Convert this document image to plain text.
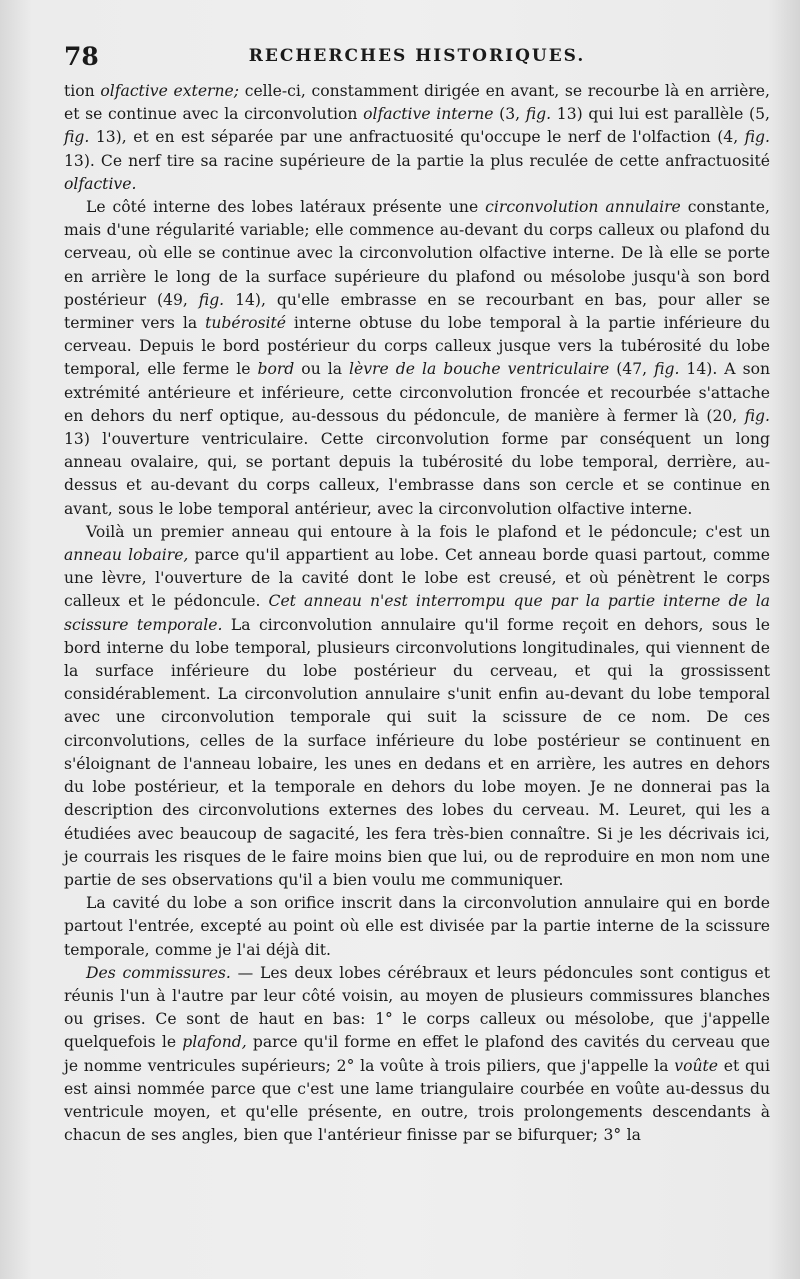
78	RECHERCHES HISTORIQUES.

tion olfactive externe; celle-ci, constamment dirigée en avant, se recourbe là en arrière, et se continue avec la circonvolution olfactive interne (3, fig. 13) qui lui est parallèle (5, fig. 13), et en est séparée par une anfractuosité qu'occupe le nerf de l'olfaction (4, fig. 13). Ce nerf tire sa racine supérieure de la partie la plus reculée de cette anfractuosité olfactive.

Le côté interne des lobes latéraux présente une circonvolution annulaire constante, mais d'une régularité variable; elle commence au-devant du corps calleux ou plafond du cerveau, où elle se continue avec la circonvolution olfactive interne. De là elle se porte en arrière le long de la surface supérieure du plafond ou mésolobe jusqu'à son bord postérieur (49, fig. 14), qu'elle embrasse en se recourbant en bas, pour aller se terminer vers la tubérosité interne obtuse du lobe temporal à la partie inférieure du cerveau. Depuis le bord postérieur du corps calleux jusque vers la tubérosité du lobe temporal, elle ferme le bord ou la lèvre de la bouche ventriculaire (47, fig. 14). A son extrémité antérieure et inférieure, cette circonvolution froncée et recourbée s'attache en dehors du nerf optique, au-dessous du pédoncule, de manière à fermer là (20, fig. 13) l'ouverture ventriculaire. Cette circonvolution forme par conséquent un long anneau ovalaire, qui, se portant depuis la tubérosité du lobe temporal, derrière, au-dessus et au-devant du corps calleux, l'embrasse dans son cercle et se continue en avant, sous le lobe temporal antérieur, avec la circonvolution olfactive interne.

Voilà un premier anneau qui entoure à la fois le plafond et le pédoncule; c'est un anneau lobaire, parce qu'il appartient au lobe. Cet anneau borde quasi partout, comme une lèvre, l'ouverture de la cavité dont le lobe est creusé, et où pénètrent le corps calleux et le pédoncule. Cet anneau n'est interrompu que par la partie interne de la scissure temporale. La circonvolution annulaire qu'il forme reçoit en dehors, sous le bord interne du lobe temporal, plusieurs circonvolutions longitudinales, qui viennent de la surface inférieure du lobe postérieur du cerveau, et qui la grossissent considérablement. La circonvolution annulaire s'unit enfin au-devant du lobe temporal avec une circonvolution temporale qui suit la scissure de ce nom. De ces circonvolutions, celles de la surface inférieure du lobe postérieur se continuent en s'éloignant de l'anneau lobaire, les unes en dedans et en arrière, les autres en dehors du lobe postérieur, et la temporale en dehors du lobe moyen. Je ne donnerai pas la description des circonvolutions externes des lobes du cerveau. M. Leuret, qui les a étudiées avec beaucoup de sagacité, les fera très-bien connaître. Si je les décrivais ici, je courrais les risques de le faire moins bien que lui, ou de reproduire en mon nom une partie de ses observations qu'il a bien voulu me communiquer.

La cavité du lobe a son orifice inscrit dans la circonvolution annulaire qui en borde partout l'entrée, excepté au point où elle est divisée par la partie interne de la scissure temporale, comme je l'ai déjà dit.

Des commissures. — Les deux lobes cérébraux et leurs pédoncules sont contigus et réunis l'un à l'autre par leur côté voisin, au moyen de plusieurs commissures blanches ou grises. Ce sont de haut en bas: 1° le corps calleux ou mésolobe, que j'appelle quelquefois le plafond, parce qu'il forme en effet le plafond des cavités du cerveau que je nomme ventricules supérieurs; 2° la voûte à trois piliers, que j'appelle la voûte et qui est ainsi nommée parce que c'est une lame triangulaire courbée en voûte au-dessus du ventricule moyen, et qu'elle présente, en outre, trois prolongements descendants à chacun de ses angles, bien que l'antérieur finisse par se bifurquer; 3° la
